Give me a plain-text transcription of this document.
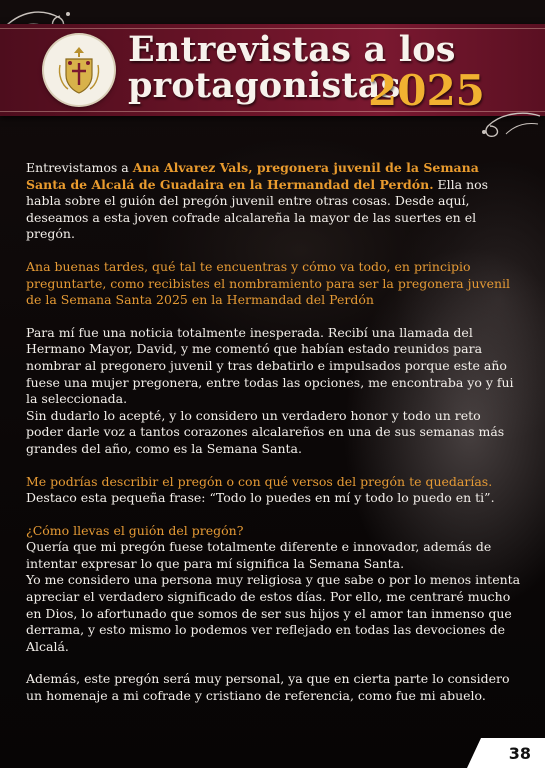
Entrevistas a los
protagonistas
2025

Entrevistamos a Ana Alvarez Vals, pregonera juvenil de la Semana Santa de Alcalá de Guadaira en la Hermandad del Perdón. Ella nos habla sobre el guión del pregón juvenil entre otras cosas. Desde aquí, deseamos a esta joven cofrade alcalareña la mayor de las suertes en el pregón.

Ana buenas tardes, qué tal te encuentras y cómo va todo, en principio preguntarte, como recibistes el nombramiento para ser la pregonera juvenil de la Semana Santa 2025 en la Hermandad del Perdón

Para mí fue una noticia totalmente inesperada. Recibí una llamada del Hermano Mayor, David, y me comentó que habían estado reunidos para nombrar al pregonero juvenil y tras debatirlo e impulsados porque este año fuese una mujer pregonera, entre todas las opciones, me encontraba yo y fui la seleccionada.

Sin dudarlo lo acepté, y lo considero un verdadero honor y todo un reto poder darle voz a tantos corazones alcalareños en una de sus semanas más grandes del año, como es la Semana Santa.

Me podrías describir el pregón o con qué versos del pregón te quedarías.

Destaco esta pequeña frase: “Todo lo puedes en mí y todo lo puedo en ti”.

¿Cómo llevas el guión del pregón?

Quería que mi pregón fuese totalmente diferente e innovador, además de intentar expresar lo que para mí significa la Semana Santa.

Yo me considero una persona muy religiosa y que sabe o por lo menos intenta apreciar el verdadero significado de estos días. Por ello, me centraré mucho en Dios, lo afortunado que somos de ser sus hijos y el amor tan inmenso que derrama, y esto mismo lo podemos ver reflejado en todas las devociones de Alcalá.

Además, este pregón será muy personal, ya que en cierta parte lo considero un homenaje a mi cofrade y cristiano de referencia, como fue mi abuelo.

38
